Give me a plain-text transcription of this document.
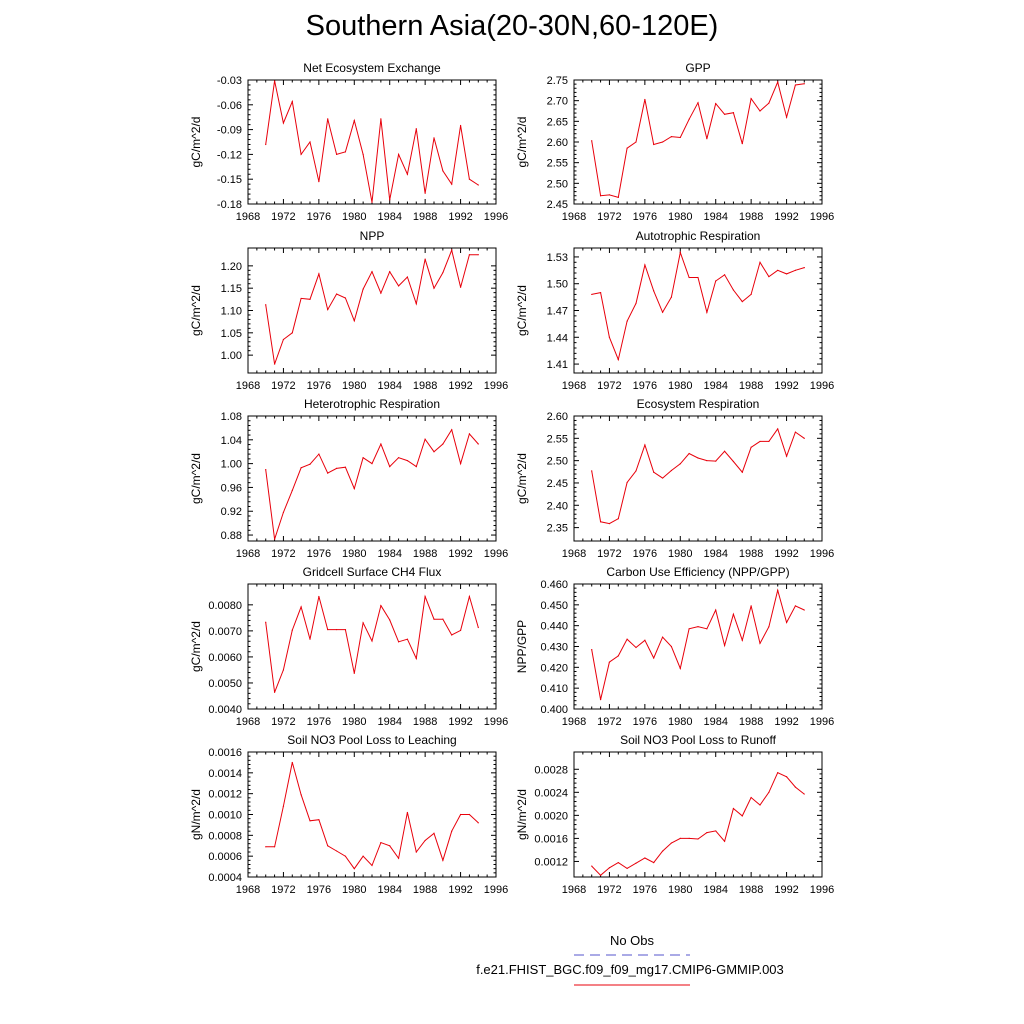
Southern Asia(20-30N,60-120E)
Net Ecosystem Exchange
gC/m^2/d
1968 1972 1976 1980 1984 1988 1992 1996
-0.18
-0.15
-0.12
-0.09
-0.06
-0.03
GPP
gC/m^2/d
1968 1972 1976 1980 1984 1988 1992 1996
2.45
2.50
2.55
2.60
2.65
2.70
2.75
NPP
gC/m^2/d
1968 1972 1976 1980 1984 1988 1992 1996
1.00
1.05
1.10
1.15
1.20
Autotrophic Respiration
gC/m^2/d
1968 1972 1976 1980 1984 1988 1992 1996
1.41
1.44
1.47
1.50
1.53
Heterotrophic Respiration
gC/m^2/d
1968 1972 1976 1980 1984 1988 1992 1996
0.88
0.92
0.96
1.00
1.04
1.08
Ecosystem Respiration
gC/m^2/d
1968 1972 1976 1980 1984 1988 1992 1996
2.35
2.40
2.45
2.50
2.55
2.60
Gridcell Surface CH4 Flux
gC/m^2/d
1968 1972 1976 1980 1984 1988 1992 1996
0.0040
0.0050
0.0060
0.0070
0.0080
Carbon Use Efficiency (NPP/GPP)
NPP/GPP
1968 1972 1976 1980 1984 1988 1992 1996
0.400
0.410
0.420
0.430
0.440
0.450
0.460
Soil NO3 Pool Loss to Leaching
gN/m^2/d
1968 1972 1976 1980 1984 1988 1992 1996
0.0004
0.0006
0.0008
0.0010
0.0012
0.0014
0.0016
Soil NO3 Pool Loss to Runoff
gN/m^2/d
1968 1972 1976 1980 1984 1988 1992 1996
0.0012
0.0016
0.0020
0.0024
0.0028
No Obs
f.e21.FHIST_BGC.f09_f09_mg17.CMIP6-GMMIP.003
